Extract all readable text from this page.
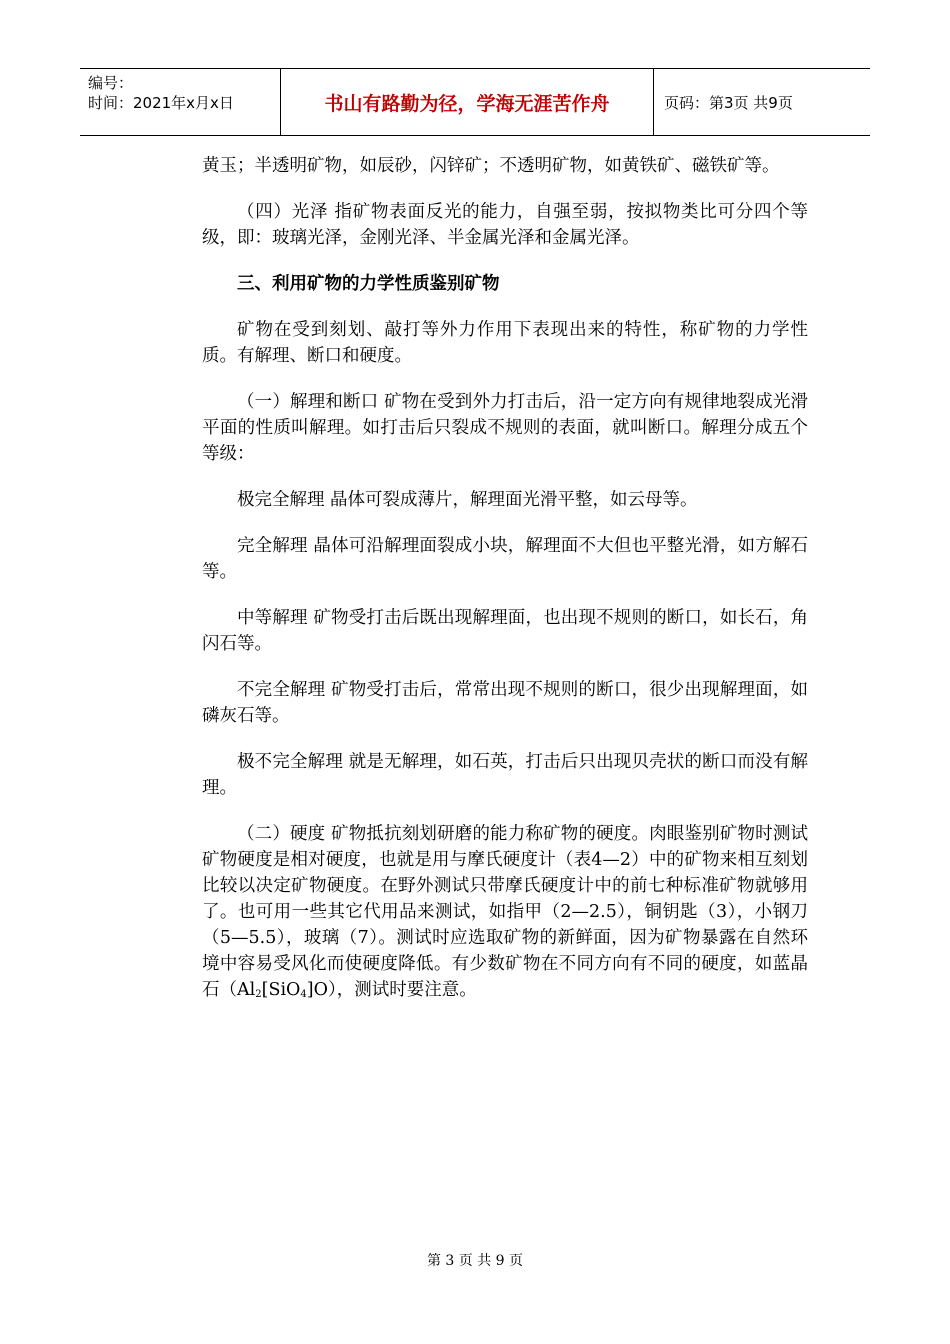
编号：
时间：2021年x月x日	书山有路勤为径，学海无涯苦作舟	页码：第3页 共9页

黄玉；半透明矿物，如辰砂，闪锌矿；不透明矿物，如黄铁矿、磁铁矿等。

（四）光泽 指矿物表面反光的能力，自强至弱，按拟物类比可分四个等级，即：玻璃光泽，金刚光泽、半金属光泽和金属光泽。

三、利用矿物的力学性质鉴别矿物

矿物在受到刻划、敲打等外力作用下表现出来的特性，称矿物的力学性质。有解理、断口和硬度。

（一）解理和断口 矿物在受到外力打击后，沿一定方向有规律地裂成光滑平面的性质叫解理。如打击后只裂成不规则的表面，就叫断口。解理分成五个等级：

极完全解理 晶体可裂成薄片，解理面光滑平整，如云母等。

完全解理 晶体可沿解理面裂成小块，解理面不大但也平整光滑，如方解石等。

中等解理 矿物受打击后既出现解理面，也出现不规则的断口，如长石，角闪石等。

不完全解理 矿物受打击后，常常出现不规则的断口，很少出现解理面，如磷灰石等。

极不完全解理 就是无解理，如石英，打击后只出现贝壳状的断口而没有解理。

（二）硬度 矿物抵抗刻划研磨的能力称矿物的硬度。肉眼鉴别矿物时测试矿物硬度是相对硬度，也就是用与摩氏硬度计（表4—2）中的矿物来相互刻划比较以决定矿物硬度。在野外测试只带摩氏硬度计中的前七种标准矿物就够用了。也可用一些其它代用品来测试，如指甲（2—2.5），铜钥匙（3），小钢刀（5—5.5），玻璃（7）。测试时应选取矿物的新鲜面，因为矿物暴露在自然环境中容易受风化而使硬度降低。有少数矿物在不同方向有不同的硬度，如蓝晶石$(Al_2[SiO_4]O)$，测试时要注意。

第 3 页 共 9 页
